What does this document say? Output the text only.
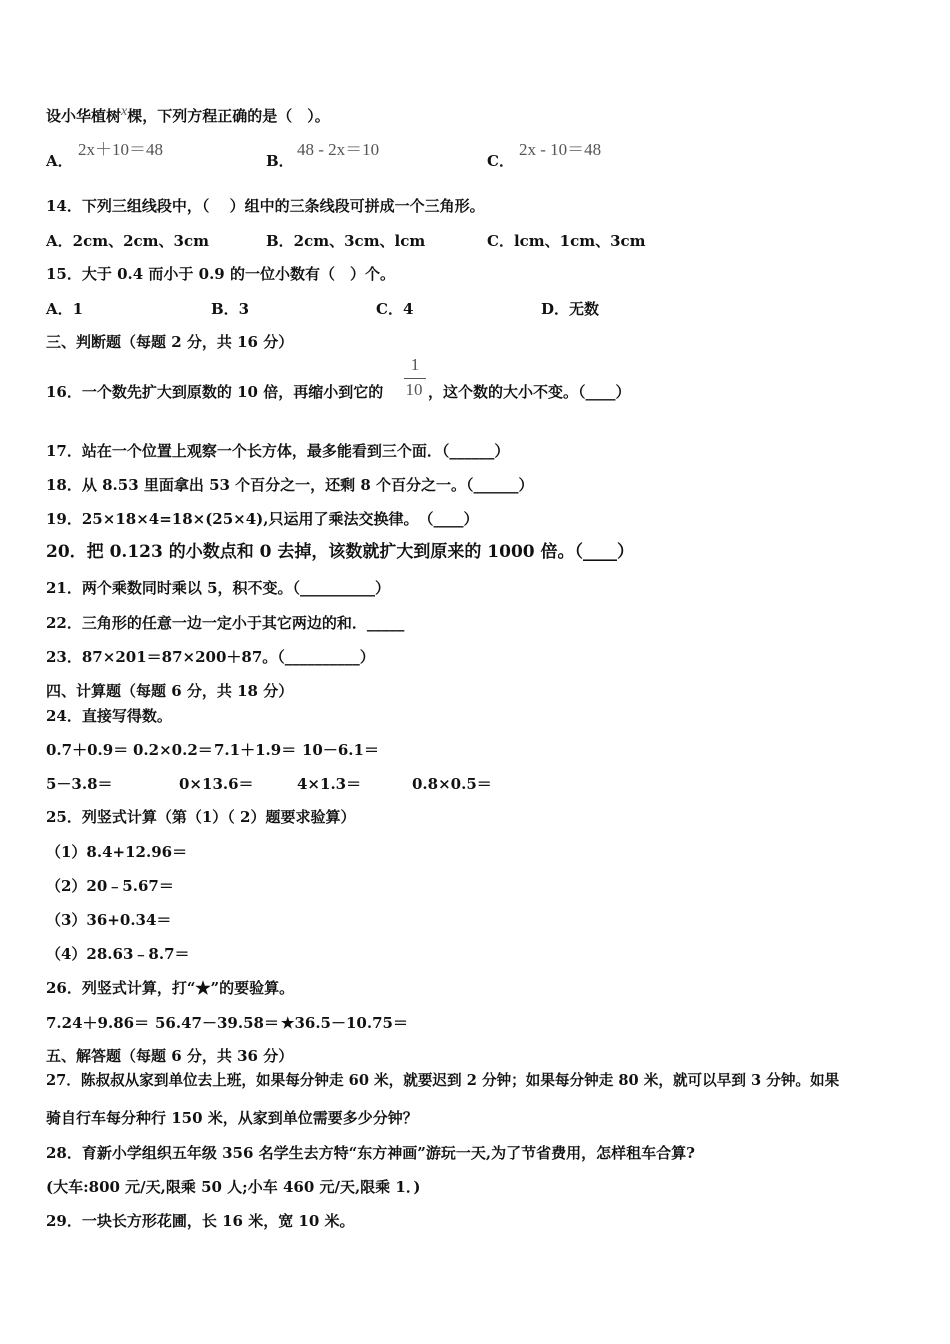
设小华植树x棵，下列方程正确的是（　）。
A．
2x＋10＝48
B．
48 - 2x＝10
C．
2x - 10＝48
14．下列三组线段中，（　 ）组中的三条线段可拼成一个三角形。
A．2cm、2cm、3cm	B．2cm、3cm、lcm	C．lcm、1cm、3cm
15．大于 0.4 而小于 0.9 的一位小数有（　）个。
A．1	B．3	C．4	D．无数
三、判断题（每题 2 分，共 16 分）
16．一个数先扩大到原数的 10 倍，再缩小到它的
1
10 ，这个数的大小不变。（____）
17．站在一个位置上观察一个长方体，最多能看到三个面．（______）
18．从 8.53 里面拿出 53 个百分之一，还剩 8 个百分之一。（______）
19．25×18×4=18×(25×4),只运用了乘法交换律。　（____）
20．把 0.123 的小数点和 0 去掉，该数就扩大到原来的 1000 倍。（____）
21．两个乘数同时乘以 5，积不变。（__________）
22．三角形的任意一边一定小于其它两边的和．_____
23．87×201＝87×200＋87。（__________）
四、计算题（每题 6 分，共 18 分）
24．直接写得数。
0.7＋0.9＝ 0.2×0.2＝ 7.1＋1.9＝ 10－6.1＝
5－3.8＝	0×13.6＝	4×1.3＝	0.8×0.5＝
25．列竖式计算（第（1）（ 2）题要求验算）
（1）8.4+12.96＝
（2）20﹣5.67＝
（3）36+0.34＝
（4）28.63﹣8.7＝
26．列竖式计算，打“★”的要验算。
7.24＋9.86＝ 56.47－39.58＝ ★36.5－10.75＝
五、解答题（每题 6 分，共 36 分）
27．陈叔叔从家到单位去上班，如果每分钟走 60 米，就要迟到 2 分钟；如果每分钟走 80 米，就可以早到 3 分钟。如果
骑自行车每分种行 150 米，从家到单位需要多少分钟？
28．育新小学组织五年级 356 名学生去方特“东方神画”游玩一天,为了节省费用，怎样租车合算?
(大车:800 元/天,限乘 50 人;小车 460 元/天,限乘 1．)
29．一块长方形花圃，长 16 米，宽 10 米。
